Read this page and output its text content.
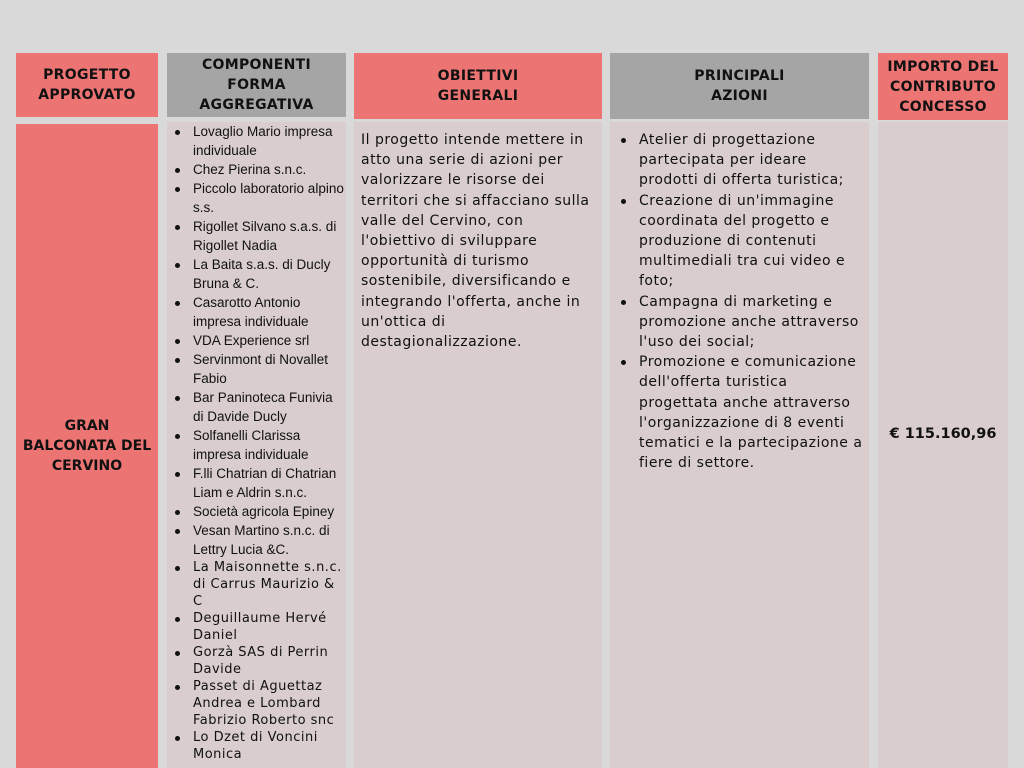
PROGETTO
APPROVATO
COMPONENTI
FORMA
AGGREGATIVA
OBIETTIVI
GENERALI
PRINCIPALI
AZIONI
IMPORTO DEL
CONTRIBUTO
CONCESSO
GRAN
BALCONATA DEL
CERVINO
Lovaglio Mario impresa individuale
Chez Pierina s.n.c.
Piccolo laboratorio alpino s.s.
Rigollet Silvano s.a.s. di Rigollet Nadia
La Baita s.a.s. di Ducly Bruna & C.
Casarotto Antonio impresa individuale
VDA Experience srl
Servinmont di Novallet Fabio
Bar Paninoteca Funivia di Davide Ducly
Solfanelli Clarissa impresa individuale
F.lli Chatrian di Chatrian Liam e Aldrin s.n.c.
Società agricola Epiney
Vesan Martino s.n.c. di Lettry Lucia &C.
La Maisonnette s.n.c. di Carrus Maurizio & C
Deguillaume Hervé Daniel
Gorzà SAS di Perrin Davide
Passet di Aguettaz Andrea e Lombard Fabrizio Roberto snc
Lo Dzet di Voncini Monica
Il progetto intende mettere in atto una serie di azioni per valorizzare le risorse dei territori che si affacciano sulla valle del Cervino, con l'obiettivo di sviluppare opportunità di turismo sostenibile, diversificando e integrando l'offerta, anche in un'ottica di destagionalizzazione.
Atelier di progettazione partecipata per ideare prodotti di offerta turistica;
Creazione di un'immagine coordinata del progetto e produzione di contenuti multimediali tra cui video e foto;
Campagna di marketing e promozione anche attraverso l'uso dei social;
Promozione e comunicazione dell'offerta turistica progettata anche attraverso l'organizzazione di 8 eventi tematici e la partecipazione a fiere di settore.
€ 115.160,96
